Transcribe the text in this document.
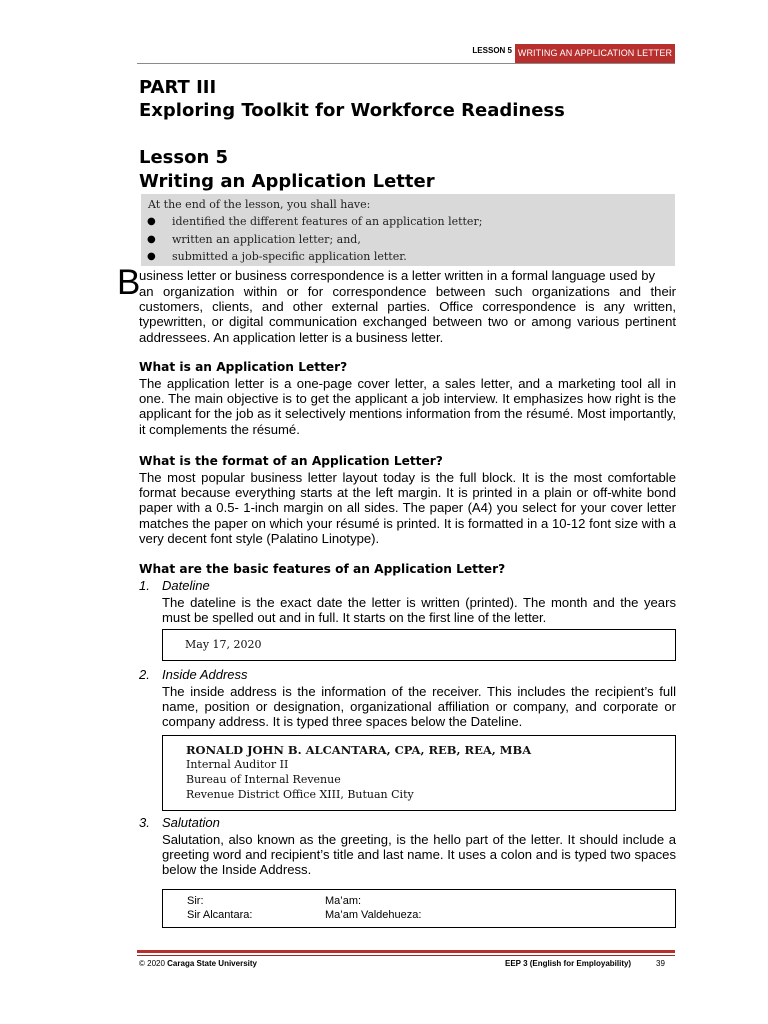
LESSON 5 WRITING AN APPLICATION LETTER
PART III
Exploring Toolkit for Workforce Readiness
Lesson 5
Writing an Application Letter
At the end of the lesson, you shall have:
● identified the different features of an application letter;
● written an application letter; and,
● submitted a job-specific application letter.
B
usiness letter or business correspondence is a letter written in a formal language used by
an organization within or for correspondence between such organizations and their customers, clients, and other external parties. Office correspondence is any written, typewritten, or digital communication exchanged between two or among various pertinent addressees. An application letter is a business letter.
What is an Application Letter?
The application letter is a one-page cover letter, a sales letter, and a marketing tool all in one. The main objective is to get the applicant a job interview. It emphasizes how right is the applicant for the job as it selectively mentions information from the résumé. Most importantly, it complements the résumé.
What is the format of an Application Letter?
The most popular business letter layout today is the full block. It is the most comfortable format because everything starts at the left margin. It is printed in a plain or off-white bond paper with a 0.5- 1-inch margin on all sides. The paper (A4) you select for your cover letter matches the paper on which your résumé is printed. It is formatted in a 10-12 font size with a very decent font style (Palatino Linotype).
What are the basic features of an Application Letter?
1. Dateline
The dateline is the exact date the letter is written (printed). The month and the years must be spelled out and in full. It starts on the first line of the letter.
May 17, 2020
2. Inside Address
The inside address is the information of the receiver. This includes the recipient’s full name, position or designation, organizational affiliation or company, and corporate or company address. It is typed three spaces below the Dateline.
RONALD JOHN B. ALCANTARA, CPA, REB, REA, MBA
Internal Auditor II
Bureau of Internal Revenue
Revenue District Office XIII, Butuan City
3. Salutation
Salutation, also known as the greeting, is the hello part of the letter. It should include a greeting word and recipient’s title and last name. It uses a colon and is typed two spaces below the Inside Address.
Sir:
Sir Alcantara:
Ma’am:
Ma’am Valdehueza:
© 2020 Caraga State University	EEP 3 (English for Employability)	39
